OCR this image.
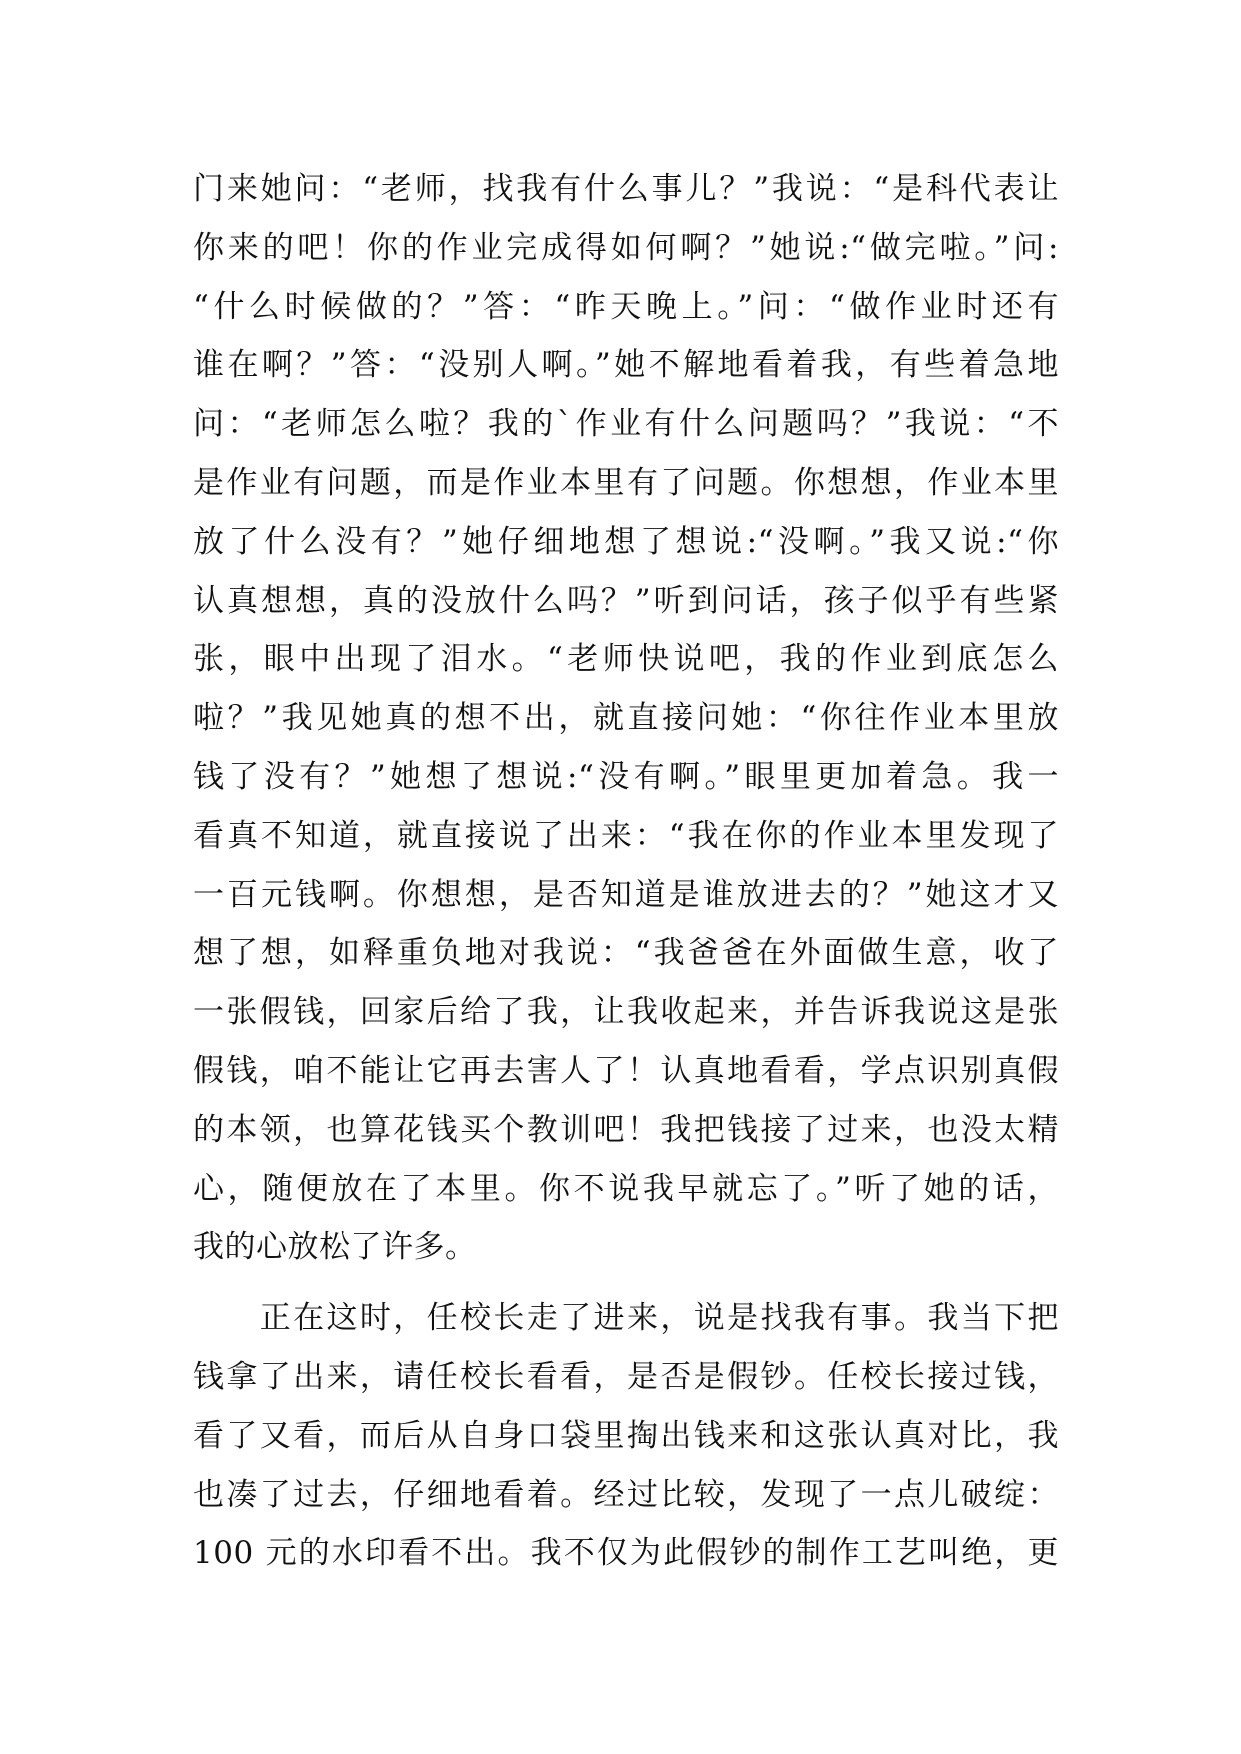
门来她问：“老师，找我有什么事儿？”我说：“是科代表让
你来的吧！你的作业完成得如何啊？”她说:“做完啦。”问:
“什么时候做的？”答：“昨天晚上。”问：“做作业时还有
谁在啊？”答：“没别人啊。”她不解地看着我，有些着急地
问：“老师怎么啦？我的`作业有什么问题吗？”我说：“不
是作业有问题，而是作业本里有了问题。你想想，作业本里
放了什么没有？”她仔细地想了想说:“没啊。”我又说:“你
认真想想，真的没放什么吗？”听到问话，孩子似乎有些紧
张，眼中出现了泪水。“老师快说吧，我的作业到底怎么
啦？”我见她真的想不出，就直接问她：“你往作业本里放
钱了没有？”她想了想说:“没有啊。”眼里更加着急。我一
看真不知道，就直接说了出来：“我在你的作业本里发现了
一百元钱啊。你想想，是否知道是谁放进去的？”她这才又
想了想，如释重负地对我说：“我爸爸在外面做生意，收了
一张假钱，回家后给了我，让我收起来，并告诉我说这是张
假钱，咱不能让它再去害人了！认真地看看，学点识别真假
的本领，也算花钱买个教训吧！我把钱接了过来，也没太精
心，随便放在了本里。你不说我早就忘了。”听了她的话，
我的心放松了许多。
　　正在这时，任校长走了进来，说是找我有事。我当下把
钱拿了出来，请任校长看看，是否是假钞。任校长接过钱，
看了又看，而后从自身口袋里掏出钱来和这张认真对比，我
也凑了过去，仔细地看着。经过比较，发现了一点儿破绽：
100 元的水印看不出。我不仅为此假钞的制作工艺叫绝，更
